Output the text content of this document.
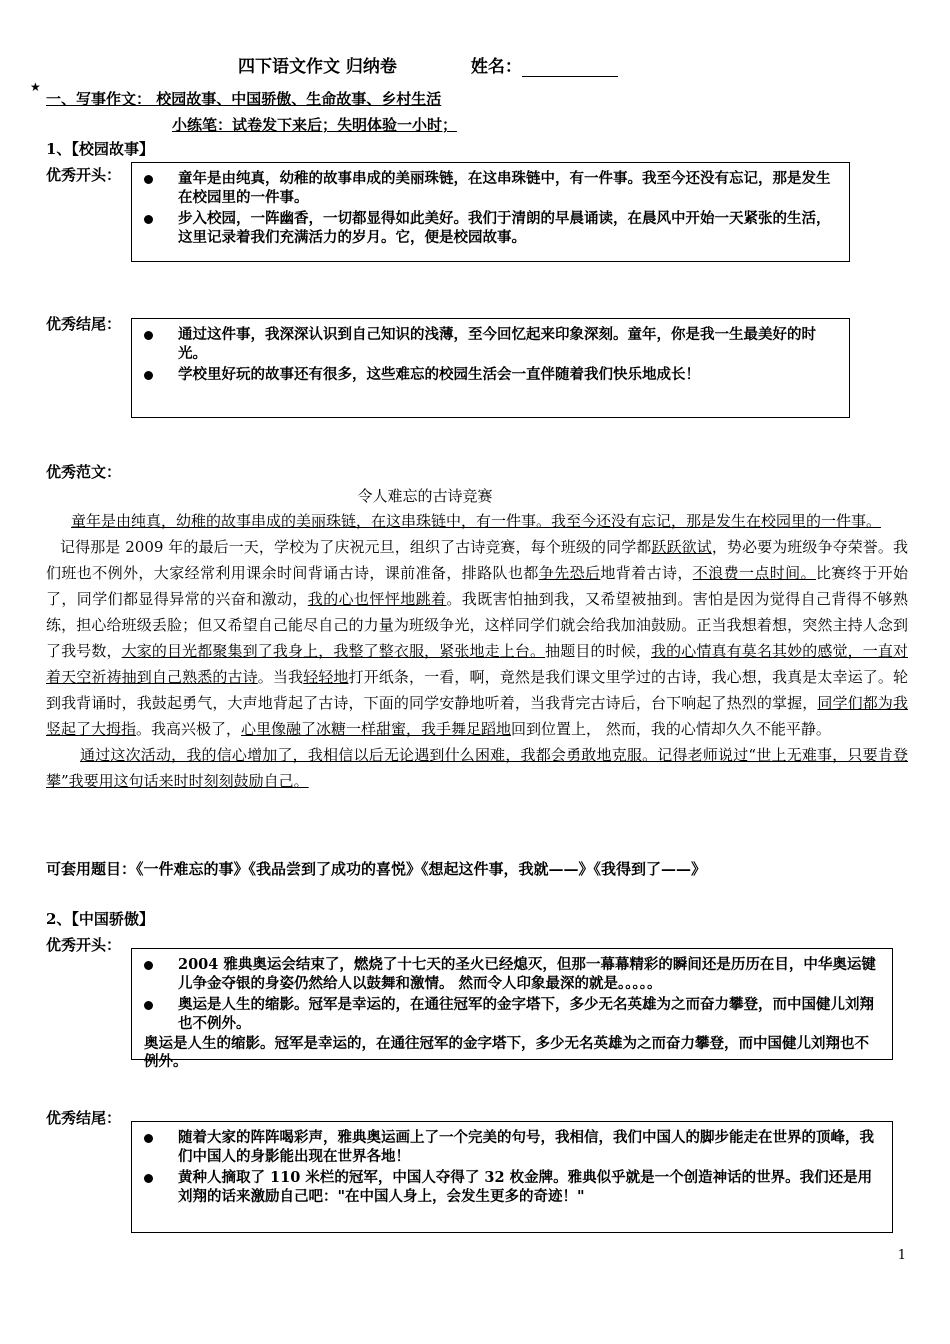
四下语文作文 归纳卷	姓名：
★
一、写事作文： 校园故事、中国骄傲、生命故事、乡村生活
小练笔：试卷发下来后；失明体验一小时；
1、【校园故事】
优秀开头：	童年是由纯真，幼稚的故事串成的美丽珠链，在这串珠链中，有一件事。我至今还没有忘记，那是发生在校园里的一件事。
步入校园，一阵幽香，一切都显得如此美好。我们于清朗的早晨诵读，在晨风中开始一天紧张的生活，这里记录着我们充满活力的岁月。它，便是校园故事。
优秀结尾：
通过这件事，我深深认识到自己知识的浅薄，至今回忆起来印象深刻。童年，你是我一生最美好的时光。
学校里好玩的故事还有很多，这些难忘的校园生活会一直伴随着我们快乐地成长！
优秀范文：
令人难忘的古诗竞赛

童年是由纯真，幼稚的故事串成的美丽珠链，在这串珠链中，有一件事。我至今还没有忘记，那是发生在校园里的一件事。

记得那是 2009 年的最后一天，学校为了庆祝元旦，组织了古诗竞赛，每个班级的同学都跃跃欲试，势必要为班级争夺荣誉。我们班也不例外，大家经常利用课余时间背诵古诗，课前准备，排路队也都争先恐后地背着古诗，不浪费一点时间。比赛终于开始了，同学们都显得异常的兴奋和激动，我的心也怦怦地跳着。我既害怕抽到我，又希望被抽到。害怕是因为觉得自己背得不够熟练，担心给班级丢脸；但又希望自己能尽自己的力量为班级争光，这样同学们就会给我加油鼓励。正当我想着想，突然主持人念到了我号数，大家的目光都聚集到了我身上，我整了整衣服，紧张地走上台。抽题目的时候，我的心情真有莫名其妙的感觉，一直对着天空祈祷抽到自己熟悉的古诗。当我轻轻地打开纸条，一看，啊，竟然是我们课文里学过的古诗，我心想，我真是太幸运了。轮到我背诵时，我鼓起勇气，大声地背起了古诗，下面的同学安静地听着，当我背完古诗后，台下响起了热烈的掌握，同学们都为我竖起了大拇指。我高兴极了，心里像融了冰糖一样甜蜜，我手舞足蹈地回到位置上， 然而，我的心情却久久不能平静。

通过这次活动，我的信心增加了，我相信以后无论遇到什么困难，我都会勇敢地克服。记得老师说过“世上无难事，只要肯登攀”我要用这句话来时时刻刻鼓励自己。

可套用题目：《一件难忘的事》《我品尝到了成功的喜悦》《想起这件事，我就——》《我得到了——》
2、【中国骄傲】
优秀开头：
2004 雅典奥运会结束了，燃烧了十七天的圣火已经熄灭，但那一幕幕精彩的瞬间还是历历在目，中华奥运键儿争金夺银的身姿仍然给人以鼓舞和激情。 然而令人印象最深的就是。。。。。
奥运是人生的缩影。冠军是幸运的，在通往冠军的金字塔下，多少无名英雄为之而奋力攀登，而中国健儿刘翔也不例外。
奥运是人生的缩影。冠军是幸运的，在通往冠军的金字塔下，多少无名英雄为之而奋力攀登，而中国健儿刘翔也不例外。
优秀结尾：
随着大家的阵阵喝彩声，雅典奥运画上了一个完美的句号，我相信，我们中国人的脚步能走在世界的顶峰，我们中国人的身影能出现在世界各地！
黄种人摘取了 110 米栏的冠军，中国人夺得了 32 枚金牌。雅典似乎就是一个创造神话的世界。我们还是用刘翔的话来激励自己吧："在中国人身上，会发生更多的奇迹！"
1
